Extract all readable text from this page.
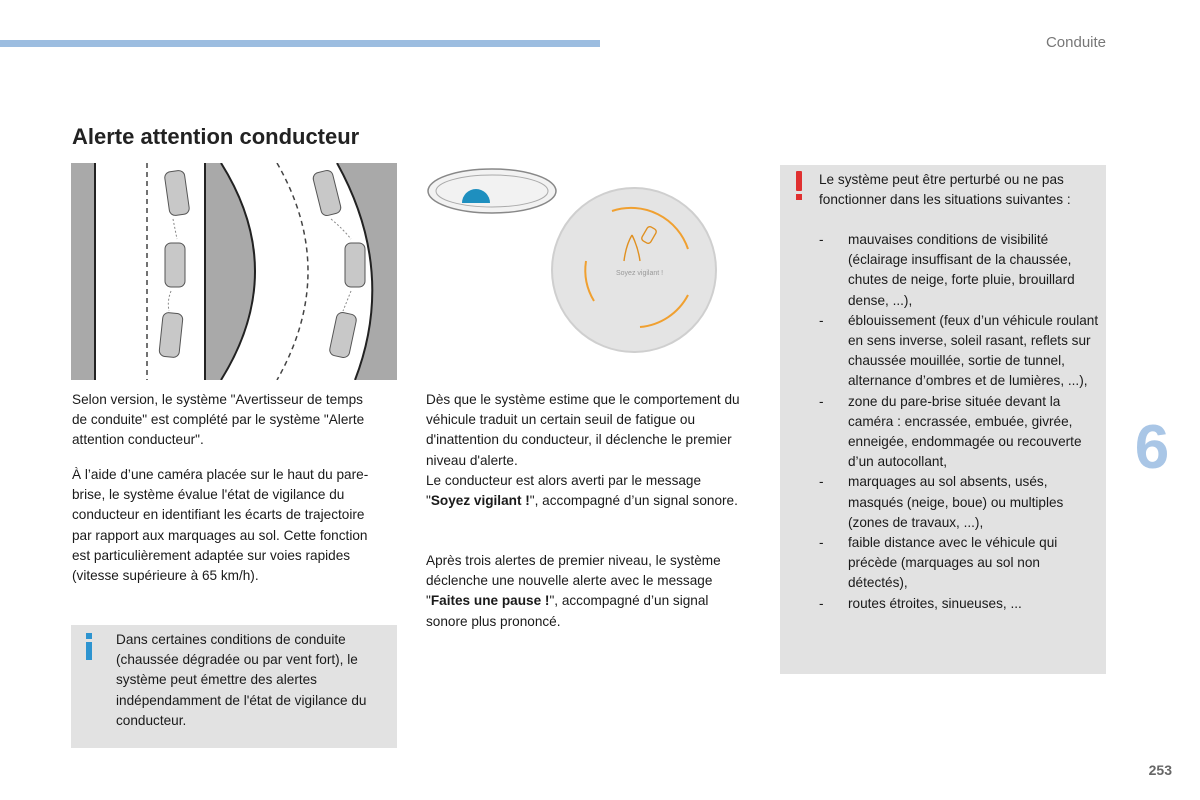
Conduite
Alerte attention conducteur
Soyez vigilant !

Selon version, le système "Avertisseur de temps de conduite" est complété par le système "Alerte attention conducteur".

À l’aide d’une caméra placée sur le haut du pare-brise, le système évalue l'état de vigilance du conducteur en identifiant les écarts de trajectoire par rapport aux marquages au sol. Cette fonction est particulièrement adaptée sur voies rapides (vitesse supérieure à 65 km/h).

Dans certaines conditions de conduite (chaussée dégradée ou par vent fort), le système peut émettre des alertes indépendamment de l'état de vigilance du conducteur.

Dès que le système estime que le comportement du véhicule traduit un certain seuil de fatigue ou d'inattention du conducteur, il déclenche le premier niveau d'alerte.
Le conducteur est alors averti par le message "Soyez vigilant !", accompagné d’un signal sonore.

Après trois alertes de premier niveau, le système déclenche une nouvelle alerte avec le message "Faites une pause !", accompagné d’un signal sonore plus prononcé.

Le système peut être perturbé ou ne pas fonctionner dans les situations suivantes :
- mauvaises conditions de visibilité (éclairage insuffisant de la chaussée, chutes de neige, forte pluie, brouillard dense, ...),
- éblouissement (feux d’un véhicule roulant en sens inverse, soleil rasant, reflets sur chaussée mouillée, sortie de tunnel, alternance d’ombres et de lumières, ...),
- zone du pare-brise située devant la caméra : encrassée, embuée, givrée, enneigée, endommagée ou recouverte d’un autocollant,
- marquages au sol absents, usés, masqués (neige, boue) ou multiples (zones de travaux, ...),
- faible distance avec le véhicule qui précède (marquages au sol non détectés),
- routes étroites, sinueuses, ...
6
253
